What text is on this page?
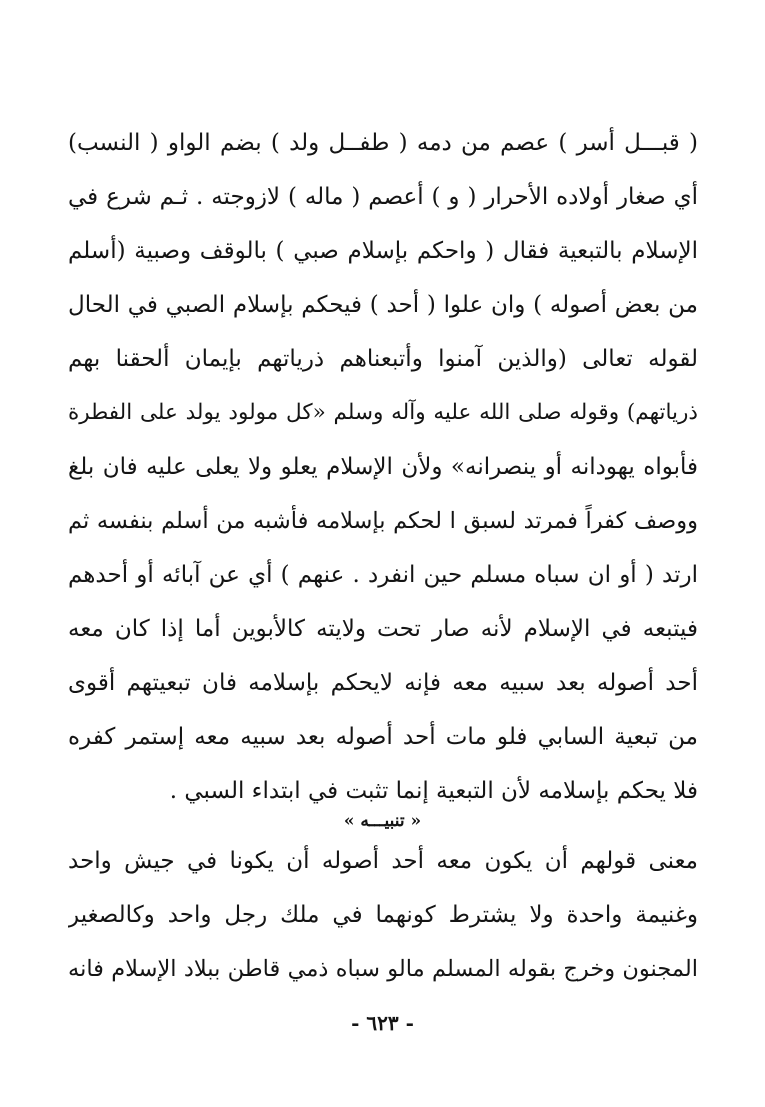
( قبـــل أسر ) عصم من دمه ( طفــل ولد ) بضم الواو ( النسب)
أي صغار أولاده الأحرار ( و ) أعصم ( ماله ) لازوجته . ثـم شرع في
الإسلام بالتبعية فقال ( واحكم بإسلام صبي ) بالوقف وصبية (أسلم
من بعض أصوله ) وان علوا ( أحد ) فيحكم بإسلام الصبي في الحال
لقوله تعالى (والذين آمنوا وأتبعناهم ذرياتهم بإيمان ألحقنا بهم
ذرياتهم) وقوله صلى الله عليه وآله وسلم «كل مولود يولد على الفطرة
فأبواه يهودانه أو ينصرانه» ولأن الإسلام يعلو ولا يعلى عليه فان بلغ
ووصف كفراً فمرتد لسبق ا لحكم بإسلامه فأشبه من أسلم بنفسه ثم
ارتد ( أو ان سباه مسلم حين انفرد . عنهم ) أي عن آبائه أو أحدهم
فيتبعه في الإسلام لأنه صار تحت ولايته كالأبوين أما إذا كان معه
أحد أصوله بعد سبيه معه فإنه لايحكم بإسلامه فان تبعيتهم أقوى
من تبعية السابي فلو مات أحد أصوله بعد سبيه معه إستمر كفره
فلا يحكم بإسلامه لأن التبعية إنما تثبت في ابتداء السبي .
« تنبيـــه »
معنى قولهم أن يكون معه أحد أصوله أن يكونا في جيش واحد
وغنيمة واحدة ولا يشترط كونهما في ملك رجل واحد وكالصغير
المجنون وخرج بقوله المسلم مالو سباه ذمي قاطن ببلاد الإسلام فانه
- ٦٢٣ -
